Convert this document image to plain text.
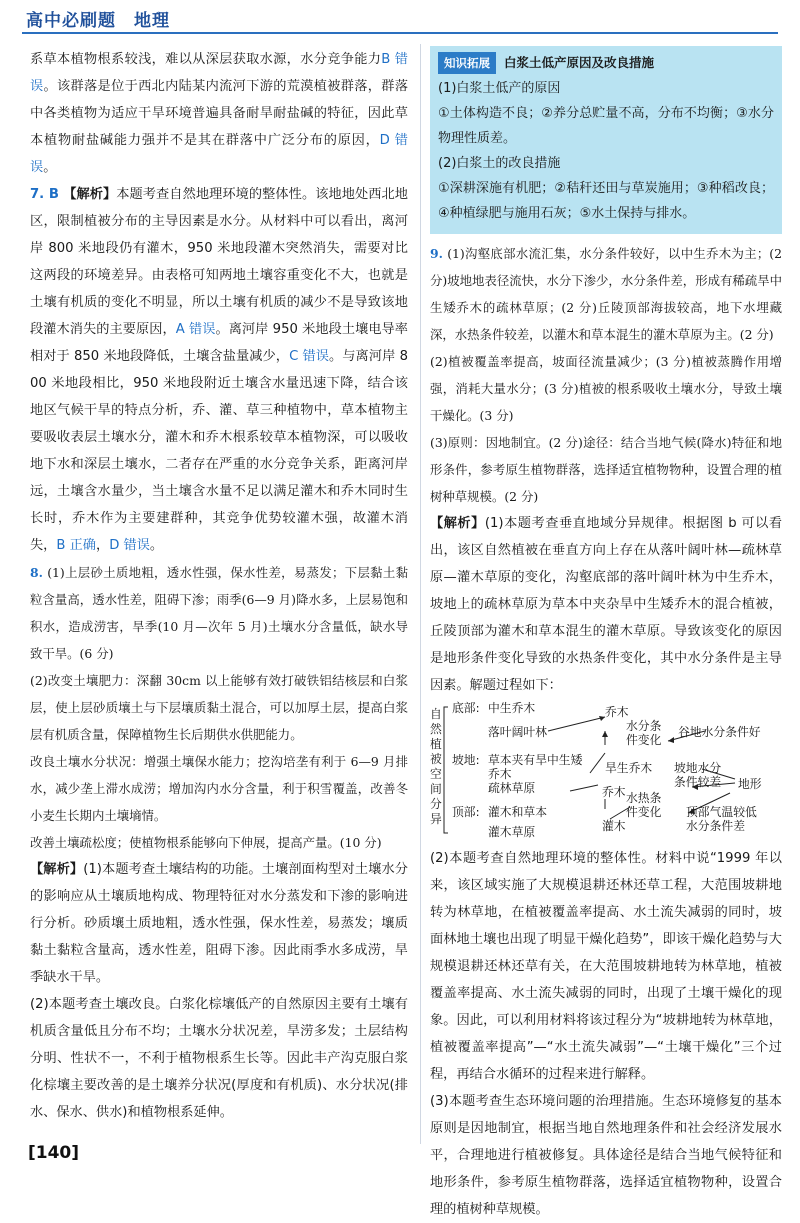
高中必刷题　地理

系草本植物根系较浅，难以从深层获取水源，水分竞争能力B 错误。该群落是位于西北内陆某内流河下游的荒漠植被群落，群落中各类植物为适应干旱环境普遍具备耐旱耐盐碱的特征，因此草本植物耐盐碱能力强并不是其在群落中广泛分布的原因，D 错误。

7. B 【解析】本题考查自然地理环境的整体性。该地地处西北地区，限制植被分布的主导因素是水分。从材料中可以看出，离河岸 800 米地段仍有灌木，950 米地段灌木突然消失，需要对比这两段的环境差异。由表格可知两地土壤容重变化不大，也就是土壤有机质的变化不明显，所以土壤有机质的减少不是导致该地段灌木消失的主要原因，A 错误。离河岸 950 米地段土壤电导率相对于 850 米地段降低，土壤含盐量减少，C 错误。与离河岸 800 米地段相比，950 米地段附近土壤含水量迅速下降，结合该地区气候干旱的特点分析，乔、灌、草三种植物中，草本植物主要吸收表层土壤水分，灌木和乔木根系较草本植物深，可以吸收地下水和深层土壤水，二者存在严重的水分竞争关系，距离河岸远，土壤含水量少，当土壤含水量不足以满足灌木和乔木同时生长时，乔木作为主要建群种，其竞争优势较灌木强，故灌木消失，B 正确，D 错误。

8. (1)上层砂土质地粗，透水性强，保水性差，易蒸发；下层黏土黏粒含量高，透水性差，阻碍下渗；雨季(6—9 月)降水多，上层易饱和积水，造成涝害，旱季(10 月—次年 5 月)土壤水分含量低，缺水导致干旱。(6 分)

(2)改变土壤肥力：深翻 30cm 以上能够有效打破铁铝结核层和白浆层，使上层砂质壤土与下层壤质黏土混合，可以加厚土层，提高白浆层有机质含量，保障植物生长后期供水供肥能力。

改良土壤水分状况：增强土壤保水能力；挖沟培垄有利于 6—9 月排水，减少垄上滞水成涝；增加沟内水分含量，利于积雪覆盖，改善冬小麦生长期内土壤墒情。

改善土壤疏松度；使植物根系能够向下伸展，提高产量。(10 分)

【解析】(1)本题考查土壤结构的功能。土壤剖面构型对土壤水分的影响应从土壤质地构成、物理特征对水分蒸发和下渗的影响进行分析。砂质壤土质地粗，透水性强，保水性差，易蒸发；壤质黏土黏粒含量高，透水性差，阻碍下渗。因此雨季水多成涝，旱季缺水干旱。

(2)本题考查土壤改良。白浆化棕壤低产的自然原因主要有土壤有机质含量低且分布不均；土壤水分状况差，旱涝多发；土层结构分明、性状不一，不利于植物根系生长等。因此丰产沟克服白浆化棕壤主要改善的是土壤养分状况(厚度和有机质)、水分状况(排水、保水、供水)和植物根系延伸。

知识拓展	白浆土低产原因及改良措施

(1)白浆土低产的原因

①土体构造不良；②养分总贮量不高，分布不均衡；③水分物理性质差。

(2)白浆土的改良措施

①深耕深施有机肥；②秸秆还田与草炭施用；③种稻改良；④种植绿肥与施用石灰；⑤水土保持与排水。

9. (1)沟壑底部水流汇集，水分条件较好，以中生乔木为主；(2 分)坡地地表径流快，水分下渗少，水分条件差，形成有稀疏旱中生矮乔木的疏林草原；(2 分)丘陵顶部海拔较高，地下水埋藏深，水热条件较差，以灌木和草本混生的灌木草原为主。(2 分)

(2)植被覆盖率提高，坡面径流量减少；(3 分)植被蒸腾作用增强，消耗大量水分；(3 分)植被的根系吸收土壤水分，导致土壤干燥化。(3 分)

(3)原则：因地制宜。(2 分)途径：结合当地气候(降水)特征和地形条件，参考原生植物群落，选择适宜植物物种，设置合理的植树种草规模。(2 分)

【解析】(1)本题考查垂直地域分异规律。根据图 b 可以看出，该区自然植被在垂直方向上存在从落叶阔叶林—疏林草原—灌木草原的变化，沟壑底部的落叶阔叶林为中生乔木，坡地上的疏林草原为草本中夹杂旱中生矮乔木的混合植被，丘陵顶部为灌木和草本混生的灌木草原。导致该变化的原因是地形条件变化导致的水热条件变化，其中水分条件是主导因素。解题过程如下：

自然植被空间分异
底部: 中生乔木
落叶阔叶林
坡地: 草本夹有旱中生矮
乔木
疏林草原
顶部: 灌木和草本
灌木草原
乔木
水分条
件变化
旱生乔木
乔木 水热条
件变化
灌木
谷地水分条件好
坡地水分
条件较差 地形
顶部气温较低
水分条件差

(2)本题考查自然地理环境的整体性。材料中说“1999 年以来，该区域实施了大规模退耕还林还草工程，大范围坡耕地转为林草地，在植被覆盖率提高、水土流失减弱的同时，坡面林地土壤也出现了明显干燥化趋势”，即该干燥化趋势与大规模退耕还林还草有关，在大范围坡耕地转为林草地，植被覆盖率提高、水土流失减弱的同时，出现了土壤干燥化的现象。因此，可以利用材料将该过程分为“坡耕地转为林草地，植被覆盖率提高”—“水土流失减弱”—“土壤干燥化”三个过程，再结合水循环的过程来进行解释。

(3)本题考查生态环境问题的治理措施。生态环境修复的基本原则是因地制宜，根据当地自然地理条件和社会经济发展水平，合理地进行植被修复。具体途径是结合当地气候特征和地形条件，参考原生植物群落，选择适宜植物物种，设置合理的植树种草规模。

[140]
